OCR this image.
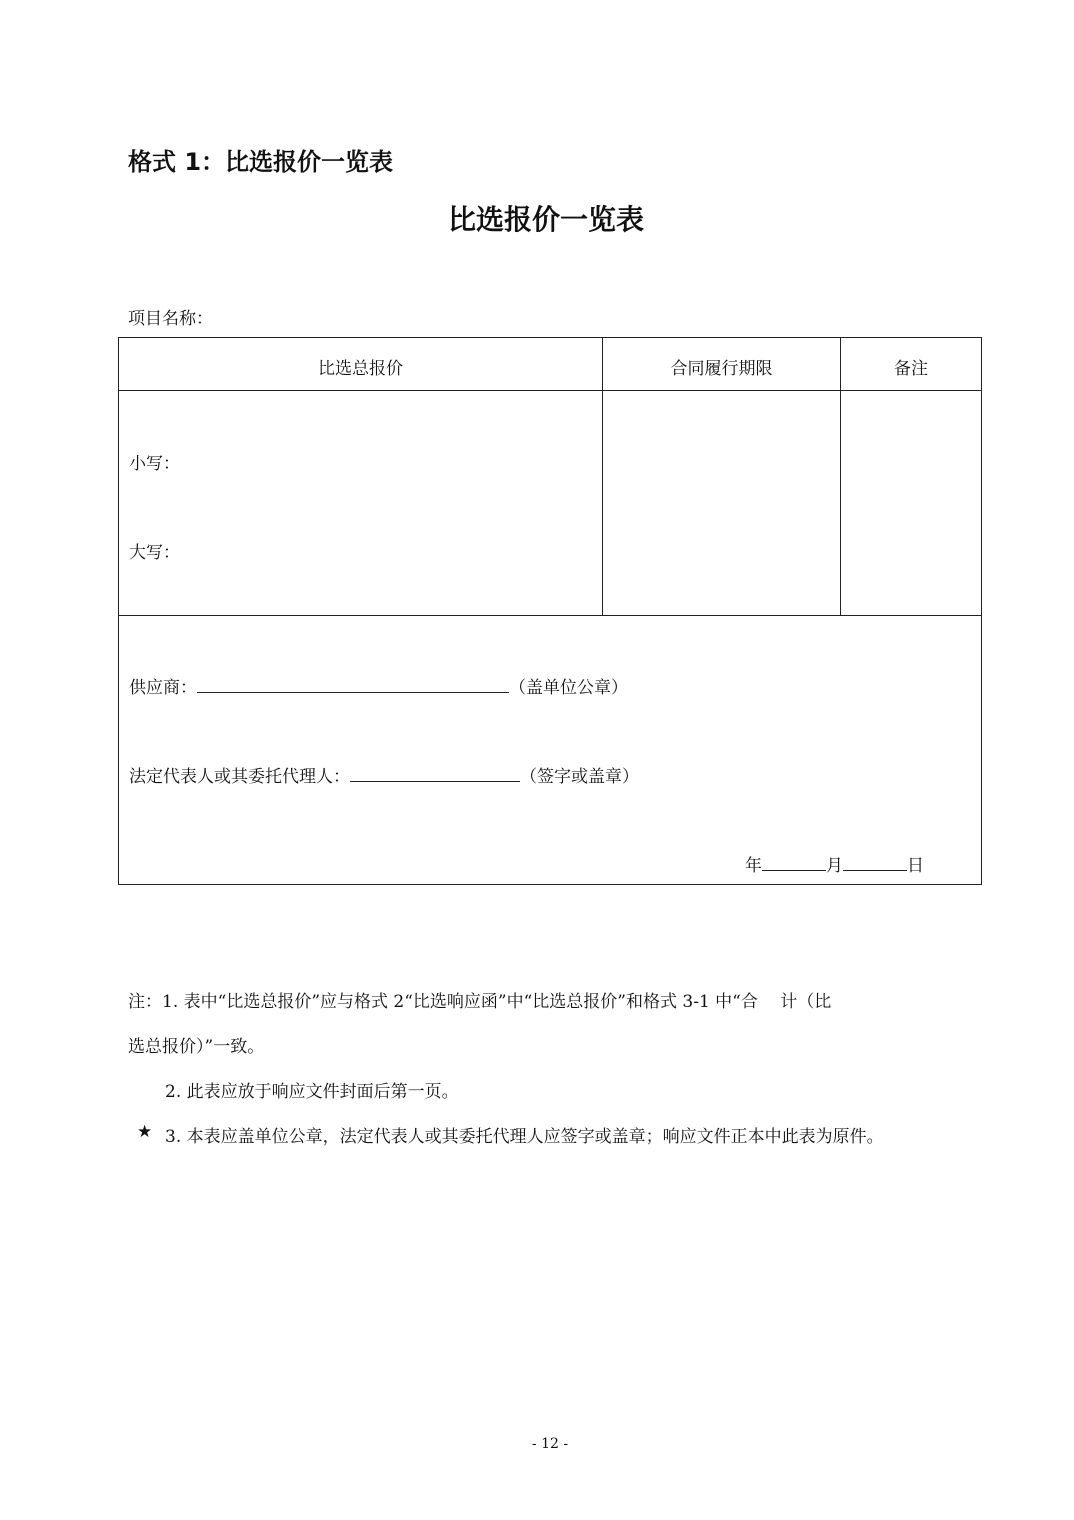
格式 1：比选报价一览表
比选报价一览表
项目名称：
比选总报价	合同履行期限	备注
小写：
大写：
供应商：	（盖单位公章）
法定代表人或其委托代理人：	（签字或盖章）
年	月	日
注：1. 表中“比选总报价”应与格式 2“比选响应函”中“比选总报价”和格式 3-1 中“合　 计（比
选总报价）”一致。
2. 此表应放于响应文件封面后第一页。
★ 3. 本表应盖单位公章，法定代表人或其委托代理人应签字或盖章；响应文件正本中此表为原件。
- 12 -
